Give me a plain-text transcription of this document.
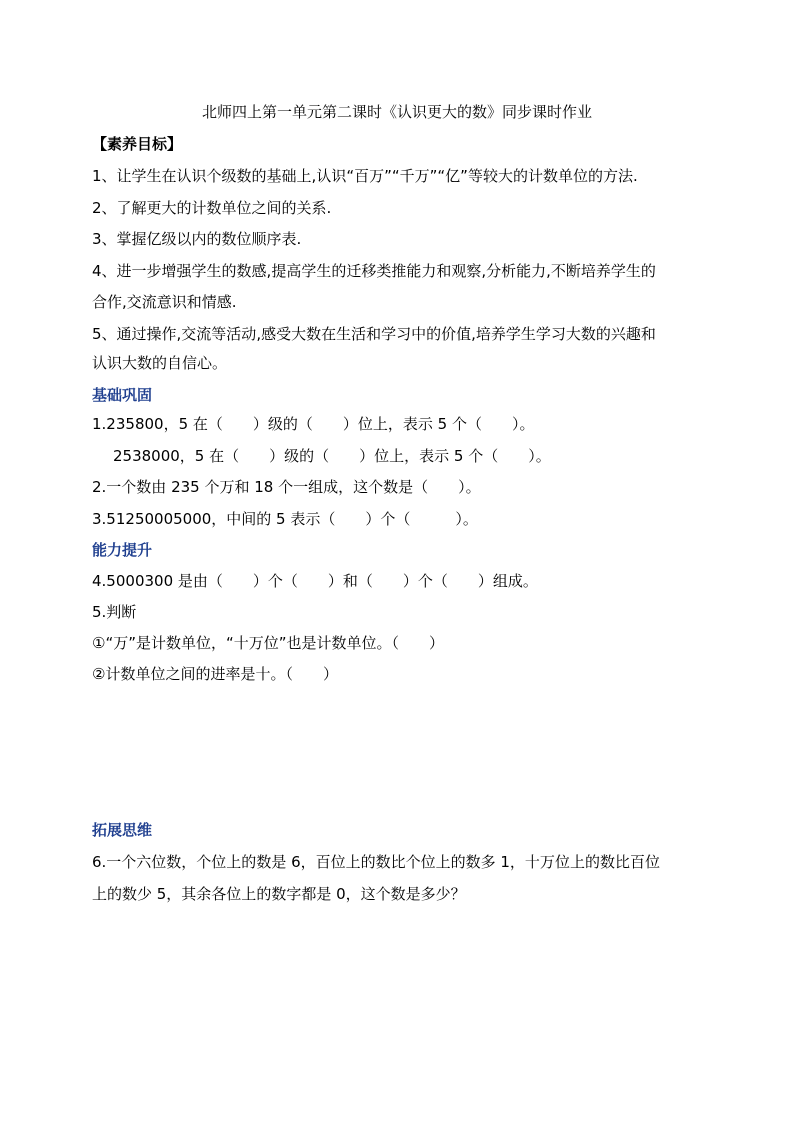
北师四上第一单元第二课时《认识更大的数》同步课时作业
【素养目标】
1、让学生在认识个级数的基础上,认识“百万”“千万”“亿”等较大的计数单位的方法.
2、了解更大的计数单位之间的关系.
3、掌握亿级以内的数位顺序表.
4、进一步增强学生的数感,提高学生的迁移类推能力和观察,分析能力,不断培养学生的
合作,交流意识和情感.
5、通过操作,交流等活动,感受大数在生活和学习中的价值,培养学生学习大数的兴趣和
认识大数的自信心。
基础巩固
1.235800，5 在（　　）级的（　　）位上，表示 5 个（　　）。
2538000，5 在（　　）级的（　　）位上，表示 5 个（　　）。
2.一个数由 235 个万和 18 个一组成，这个数是（　　）。
3.51250005000，中间的 5 表示（　　）个（　　　）。
能力提升
4.5000300 是由（　　）个（　　）和（　　）个（　　）组成。
5.判断
①“万”是计数单位，“十万位”也是计数单位。（　　）
②计数单位之间的进率是十。（　　）
拓展思维
6.一个六位数，个位上的数是 6，百位上的数比个位上的数多 1，十万位上的数比百位
上的数少 5，其余各位上的数字都是 0，这个数是多少？
